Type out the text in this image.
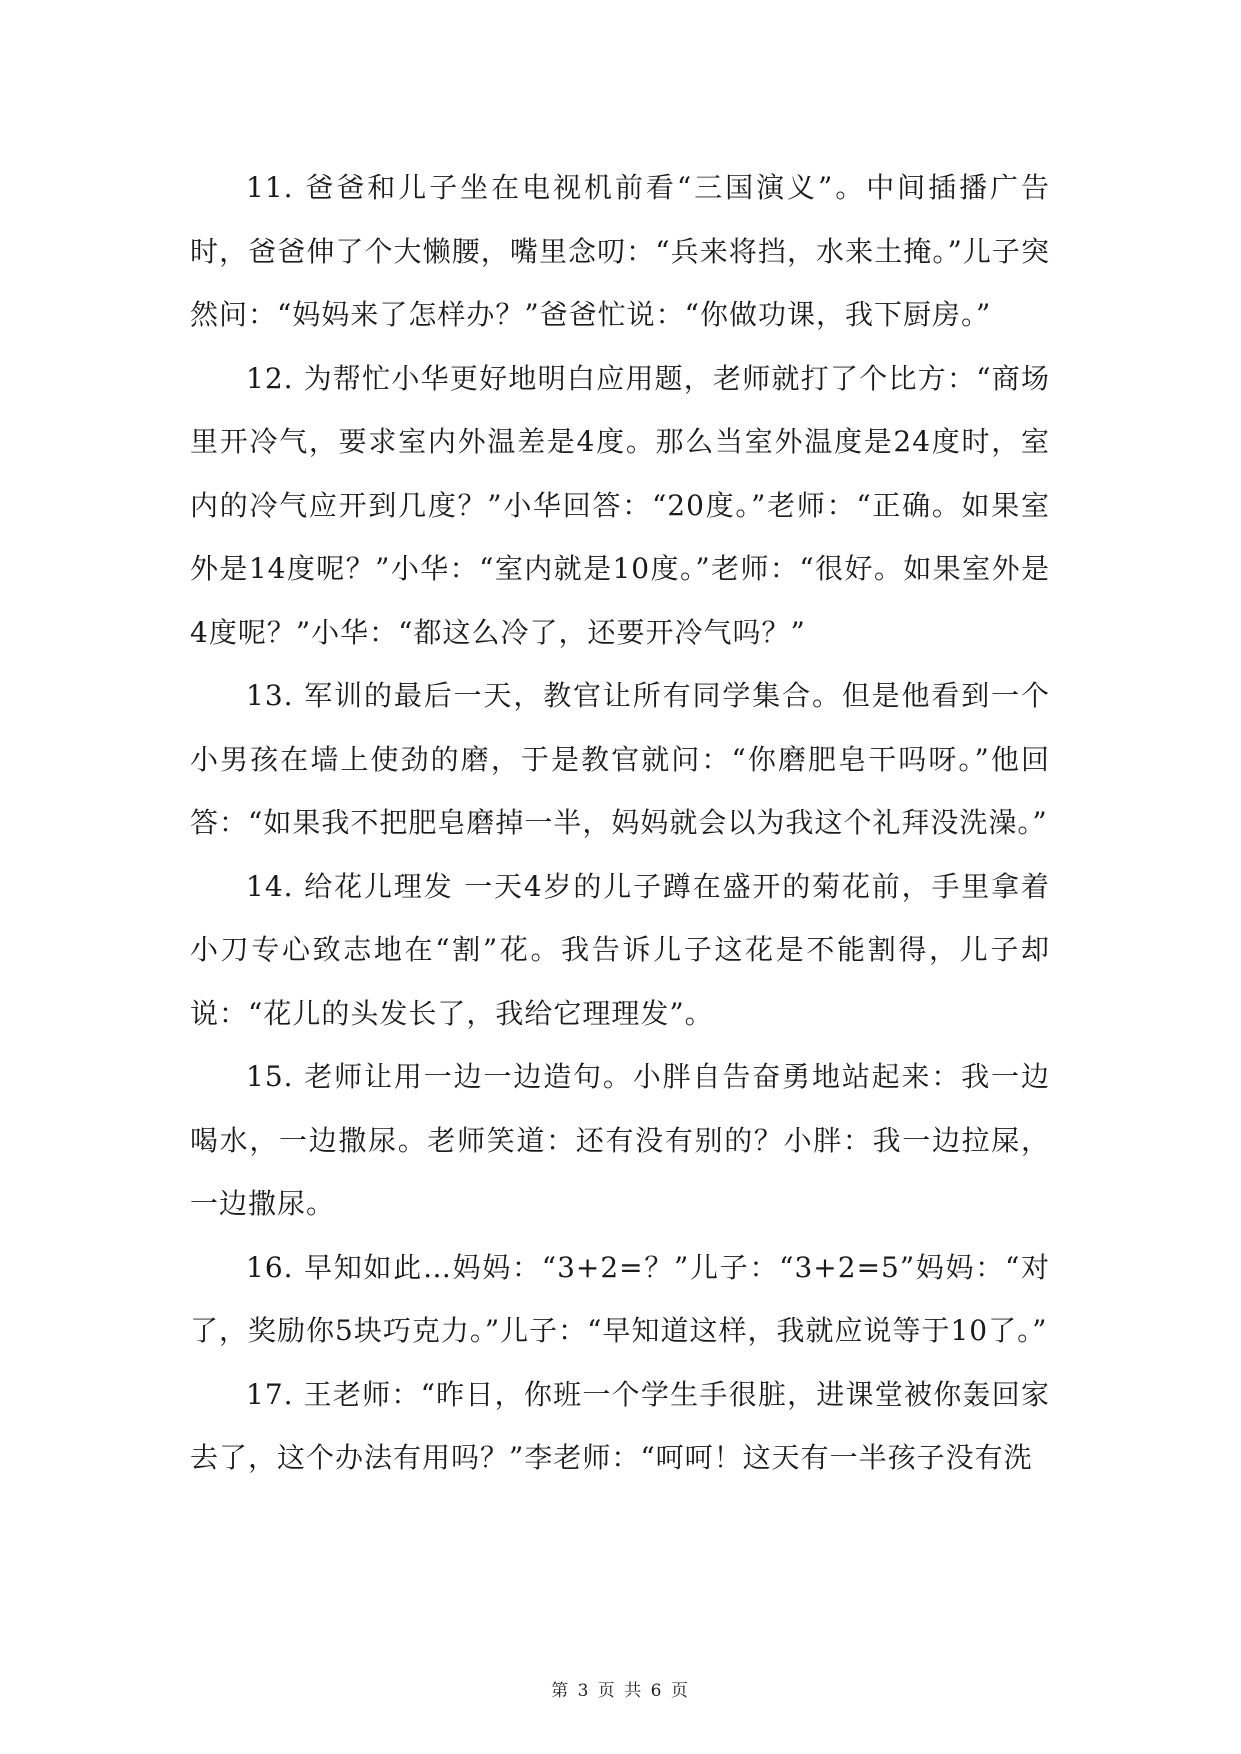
11. 爸爸和儿子坐在电视机前看“三国演义”。中间插播广告时，爸爸伸了个大懒腰，嘴里念叨：“兵来将挡，水来土掩。”儿子突然问：“妈妈来了怎样办？”爸爸忙说：“你做功课，我下厨房。”

12. 为帮忙小华更好地明白应用题，老师就打了个比方：“商场里开冷气，要求室内外温差是4度。那么当室外温度是24度时，室内的冷气应开到几度？”小华回答：“20度。”老师：“正确。如果室外是14度呢？”小华：“室内就是10度。”老师：“很好。如果室外是4度呢？”小华：“都这么冷了，还要开冷气吗？”

13. 军训的最后一天，教官让所有同学集合。但是他看到一个小男孩在墙上使劲的磨，于是教官就问：“你磨肥皂干吗呀。”他回答：“如果我不把肥皂磨掉一半，妈妈就会以为我这个礼拜没洗澡。”

14. 给花儿理发 一天4岁的儿子蹲在盛开的菊花前，手里拿着小刀专心致志地在“割”花。我告诉儿子这花是不能割得，儿子却说：“花儿的头发长了，我给它理理发”。

15. 老师让用一边一边造句。小胖自告奋勇地站起来：我一边喝水，一边撒尿。老师笑道：还有没有别的？小胖：我一边拉屎，一边撒尿。

16. 早知如此…妈妈：“3+2=？”儿子：“3+2=5”妈妈：“对了，奖励你5块巧克力。”儿子：“早知道这样，我就应说等于10了。”

17. 王老师：“昨日，你班一个学生手很脏，进课堂被你轰回家去了，这个办法有用吗？”李老师：“呵呵！这天有一半孩子没有洗

第 3 页 共 6 页
